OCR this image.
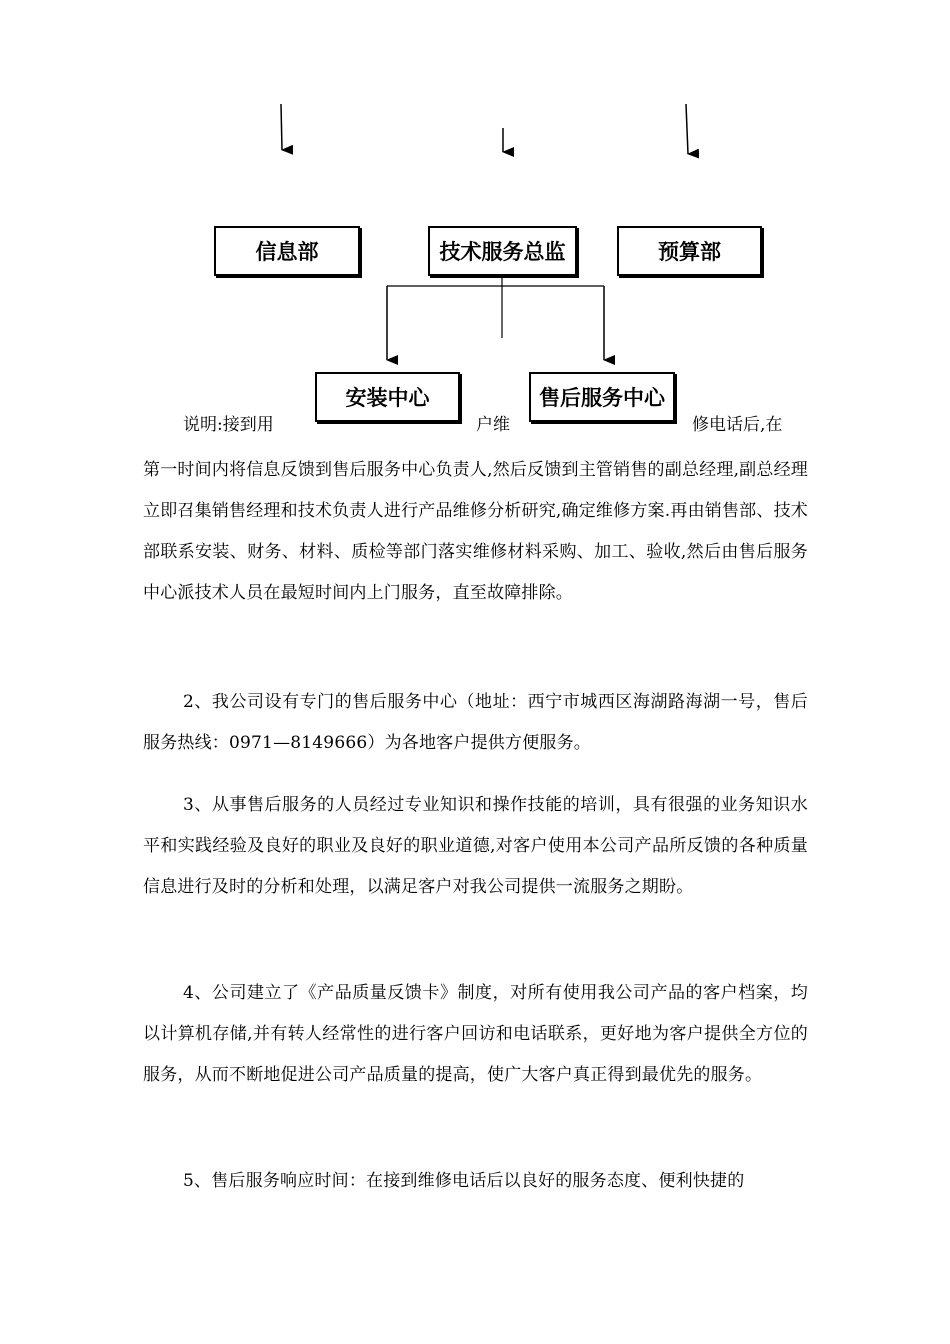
信息部	技术服务总监	预算部
安装中心	售后服务中心
说明:接到用	户维	修电话后,在

第一时间内将信息反馈到售后服务中心负责人,然后反馈到主管销售的副总经理,副总经理立即召集销售经理和技术负责人进行产品维修分析研究,确定维修方案.再由销售部、技术部联系安装、财务、材料、质检等部门落实维修材料采购、加工、验收,然后由售后服务中心派技术人员在最短时间内上门服务，直至故障排除。

2、我公司设有专门的售后服务中心（地址：西宁市城西区海湖路海湖一号，售后服务热线：0971—8149666）为各地客户提供方便服务。

3、从事售后服务的人员经过专业知识和操作技能的培训，具有很强的业务知识水平和实践经验及良好的职业及良好的职业道德,对客户使用本公司产品所反馈的各种质量信息进行及时的分析和处理，以满足客户对我公司提供一流服务之期盼。

4、公司建立了《产品质量反馈卡》制度，对所有使用我公司产品的客户档案，均以计算机存储,并有转人经常性的进行客户回访和电话联系，更好地为客户提供全方位的服务，从而不断地促进公司产品质量的提高，使广大客户真正得到最优先的服务。

5、售后服务响应时间：在接到维修电话后以良好的服务态度、便利快捷的
